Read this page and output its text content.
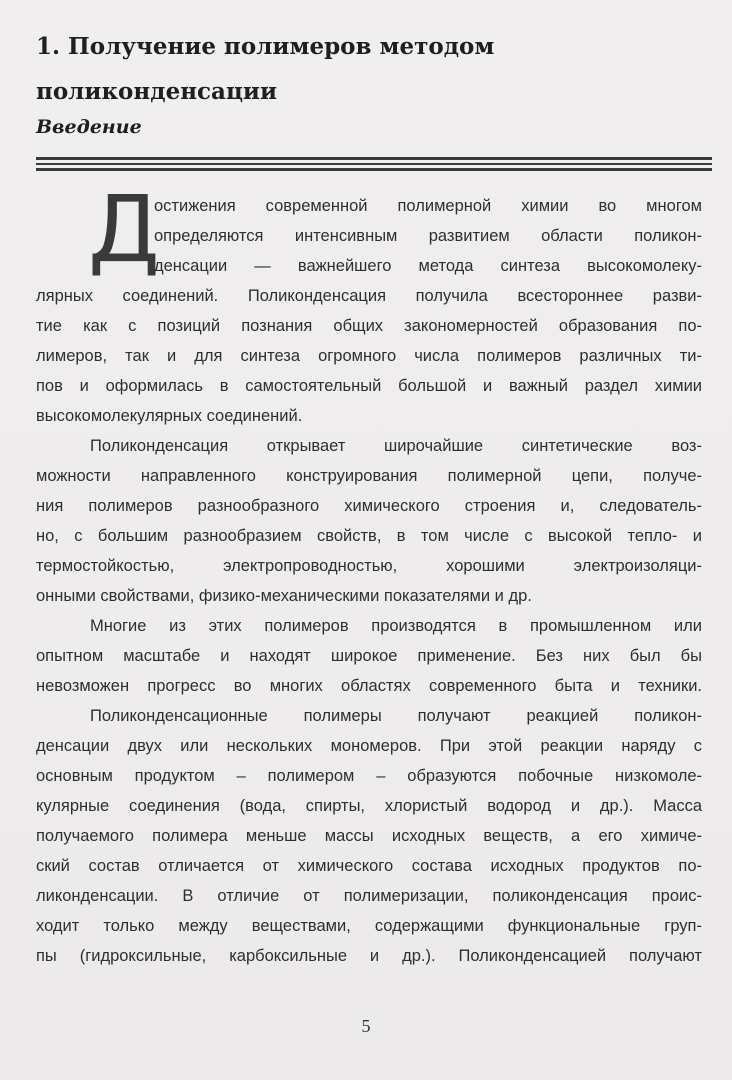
1. Получение полимеров методом поликонденсации
Введение
Д
остижения современной полимерной химии во многом
определяются интенсивным развитием области поликон-
денсации — важнейшего метода синтеза высокомолеку-
лярных соединений. Поликонденсация получила всестороннее разви-
тие как с позиций познания общих закономерностей образования по-
лимеров, так и для синтеза огромного числа полимеров различных ти-
пов и оформилась в самостоятельный большой и важный раздел химии
высокомолекулярных соединений.
Поликонденсация открывает широчайшие синтетические воз-
можности направленного конструирования полимерной цепи, получе-
ния полимеров разнообразного химического строения и, следователь-
но, с большим разнообразием свойств, в том числе с высокой тепло- и
термостойкостью, электропроводностью, хорошими электроизоляци-
онными свойствами, физико-механическими показателями и др.
Многие из этих полимеров производятся в промышленном или
опытном масштабе и находят широкое применение. Без них был бы
невозможен прогресс во многих областях современного быта и техники.
Поликонденсационные полимеры получают реакцией поликон-
денсации двух или нескольких мономеров. При этой реакции наряду с
основным продуктом – полимером – образуются побочные низкомоле-
кулярные соединения (вода, спирты, хлористый водород и др.). Масса
получаемого полимера меньше массы исходных веществ, а его химиче-
ский состав отличается от химического состава исходных продуктов по-
ликонденсации. В отличие от полимеризации, поликонденсация проис-
ходит только между веществами, содержащими функциональные груп-
пы (гидроксильные, карбоксильные и др.). Поликонденсацией получают
5
